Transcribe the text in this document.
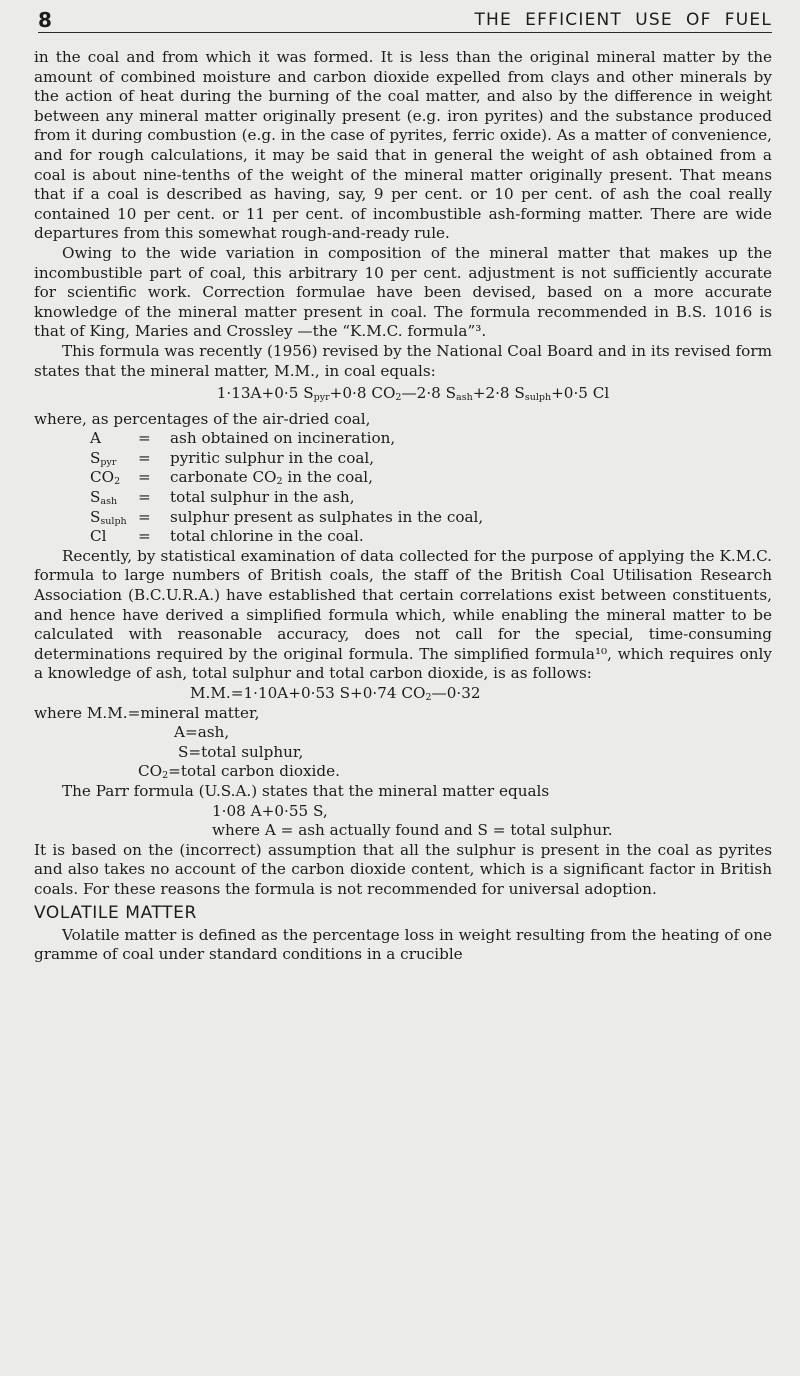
8	THE  EFFICIENT  USE  OF  FUEL

in the coal and from which it was formed. It is less than the original mineral matter by the amount of combined moisture and carbon dioxide expelled from clays and other minerals by the action of heat during the burning of the coal matter, and also by the difference in weight between any mineral matter originally present (e.g. iron pyrites) and the substance produced from it during combustion (e.g. in the case of pyrites, ferric oxide). As a matter of convenience, and for rough calculations, it may be said that in general the weight of ash obtained from a coal is about nine-tenths of the weight of the mineral matter originally present. That means that if a coal is described as having, say, 9 per cent. or 10 per cent. of ash the coal really contained 10 per cent. or 11 per cent. of incombustible ash-forming matter. There are wide departures from this somewhat rough-and-ready rule.

Owing to the wide variation in composition of the mineral matter that makes up the incombustible part of coal, this arbitrary 10 per cent. adjustment is not sufficiently accurate for scientific work. Correction formulae have been devised, based on a more accurate knowledge of the mineral matter present in coal. The formula recommended in B.S. 1016 is that of King, Maries and Crossley —the “K.M.C. formula”³.

This formula was recently (1956) revised by the National Coal Board and in its revised form states that the mineral matter, M.M., in coal equals:

1·13A+0·5 $S_{pyr}+0\cdot 8$ $CO_2—2\cdot 8$ $S_{ash}+2\cdot 8$ $S_{sulph}+0\cdot 5$ Cl

where, as percentages of the air-dried coal,

A	=	ash obtained on incineration,
$S_{pyr}$	=	pyritic sulphur in the coal,
$CO_2$	=	carbonate $CO_2$ in the coal,
$S_{ash}$	=	total sulphur in the ash,
$S_{sulph}$ =	sulphur present as sulphates in the coal,
Cl	=	total chlorine in the coal.

Recently, by statistical examination of data collected for the purpose of applying the K.M.C. formula to large numbers of British coals, the staff of the British Coal Utilisation Research Association (B.C.U.R.A.) have established that certain correlations exist between constituents, and hence have derived a simplified formula which, while enabling the mineral matter to be calculated with reasonable accuracy, does not call for the special, time-consuming determinations required by the original formula. The simplified formula¹⁰, which requires only a knowledge of ash, total sulphur and total carbon dioxide, is as follows:

M.M.=1·10A+0·53 S+0·74 $CO_2—0\cdot 32$
where M.M.=mineral matter,
A=ash,
S=total sulphur,
$CO_2=total$ carbon dioxide.

The Parr formula (U.S.A.) states that the mineral matter equals

1·08 A+0·55 S,
where A = ash actually found and S = total sulphur.

It is based on the (incorrect) assumption that all the sulphur is present in the coal as pyrites and also takes no account of the carbon dioxide content, which is a significant factor in British coals. For these reasons the formula is not recommended for universal adoption.

VOLATILE MATTER

Volatile matter is defined as the percentage loss in weight resulting from the heating of one gramme of coal under standard conditions in a crucible
